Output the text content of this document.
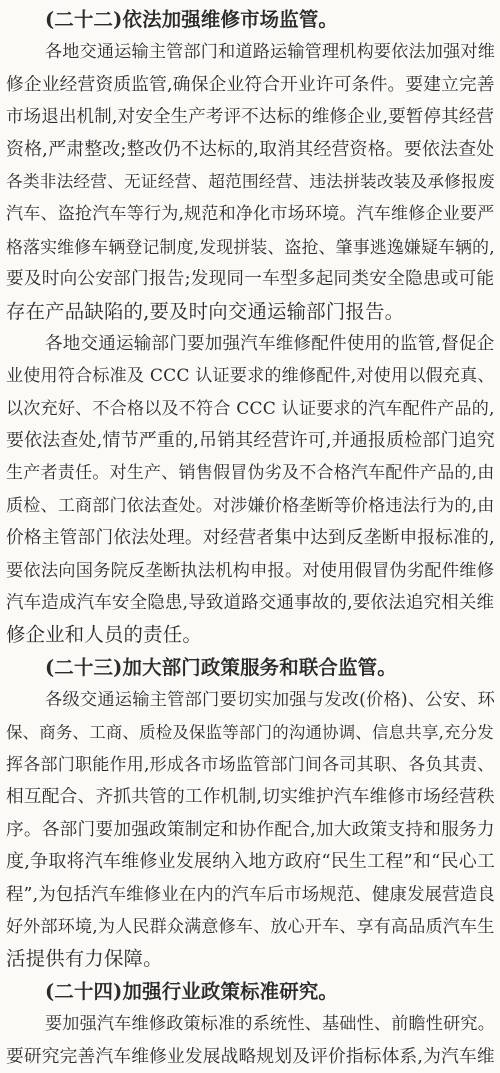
(二十二)依法加强维修市场监管。
各地交通运输主管部门和道路运输管理机构要依法加强对维
修企业经营资质监管,确保企业符合开业许可条件。要建立完善
市场退出机制,对安全生产考评不达标的维修企业,要暂停其经营
资格,严肃整改;整改仍不达标的,取消其经营资格。要依法查处
各类非法经营、无证经营、超范围经营、违法拼装改装及承修报废
汽车、盗抢汽车等行为,规范和净化市场环境。汽车维修企业要严
格落实维修车辆登记制度,发现拼装、盗抢、肇事逃逸嫌疑车辆的,
要及时向公安部门报告;发现同一车型多起同类安全隐患或可能
存在产品缺陷的,要及时向交通运输部门报告。
各地交通运输部门要加强汽车维修配件使用的监管,督促企
业使用符合标准及 CCC 认证要求的维修配件,对使用以假充真、
以次充好、不合格以及不符合 CCC 认证要求的汽车配件产品的,
要依法查处,情节严重的,吊销其经营许可,并通报质检部门追究
生产者责任。对生产、销售假冒伪劣及不合格汽车配件产品的,由
质检、工商部门依法查处。对涉嫌价格垄断等价格违法行为的,由
价格主管部门依法处理。对经营者集中达到反垄断申报标准的,
要依法向国务院反垄断执法机构申报。对使用假冒伪劣配件维修
汽车造成汽车安全隐患,导致道路交通事故的,要依法追究相关维
修企业和人员的责任。
(二十三)加大部门政策服务和联合监管。
各级交通运输主管部门要切实加强与发改(价格)、公安、环
保、商务、工商、质检及保监等部门的沟通协调、信息共享,充分发
挥各部门职能作用,形成各市场监管部门间各司其职、各负其责、
相互配合、齐抓共管的工作机制,切实维护汽车维修市场经营秩
序。各部门要加强政策制定和协作配合,加大政策支持和服务力
度,争取将汽车维修业发展纳入地方政府“民生工程”和“民心工
程”,为包括汽车维修业在内的汽车后市场规范、健康发展营造良
好外部环境,为人民群众满意修车、放心开车、享有高品质汽车生
活提供有力保障。
(二十四)加强行业政策标准研究。
要加强汽车维修政策标准的系统性、基础性、前瞻性研究。
要研究完善汽车维修业发展战略规划及评价指标体系,为汽车维
